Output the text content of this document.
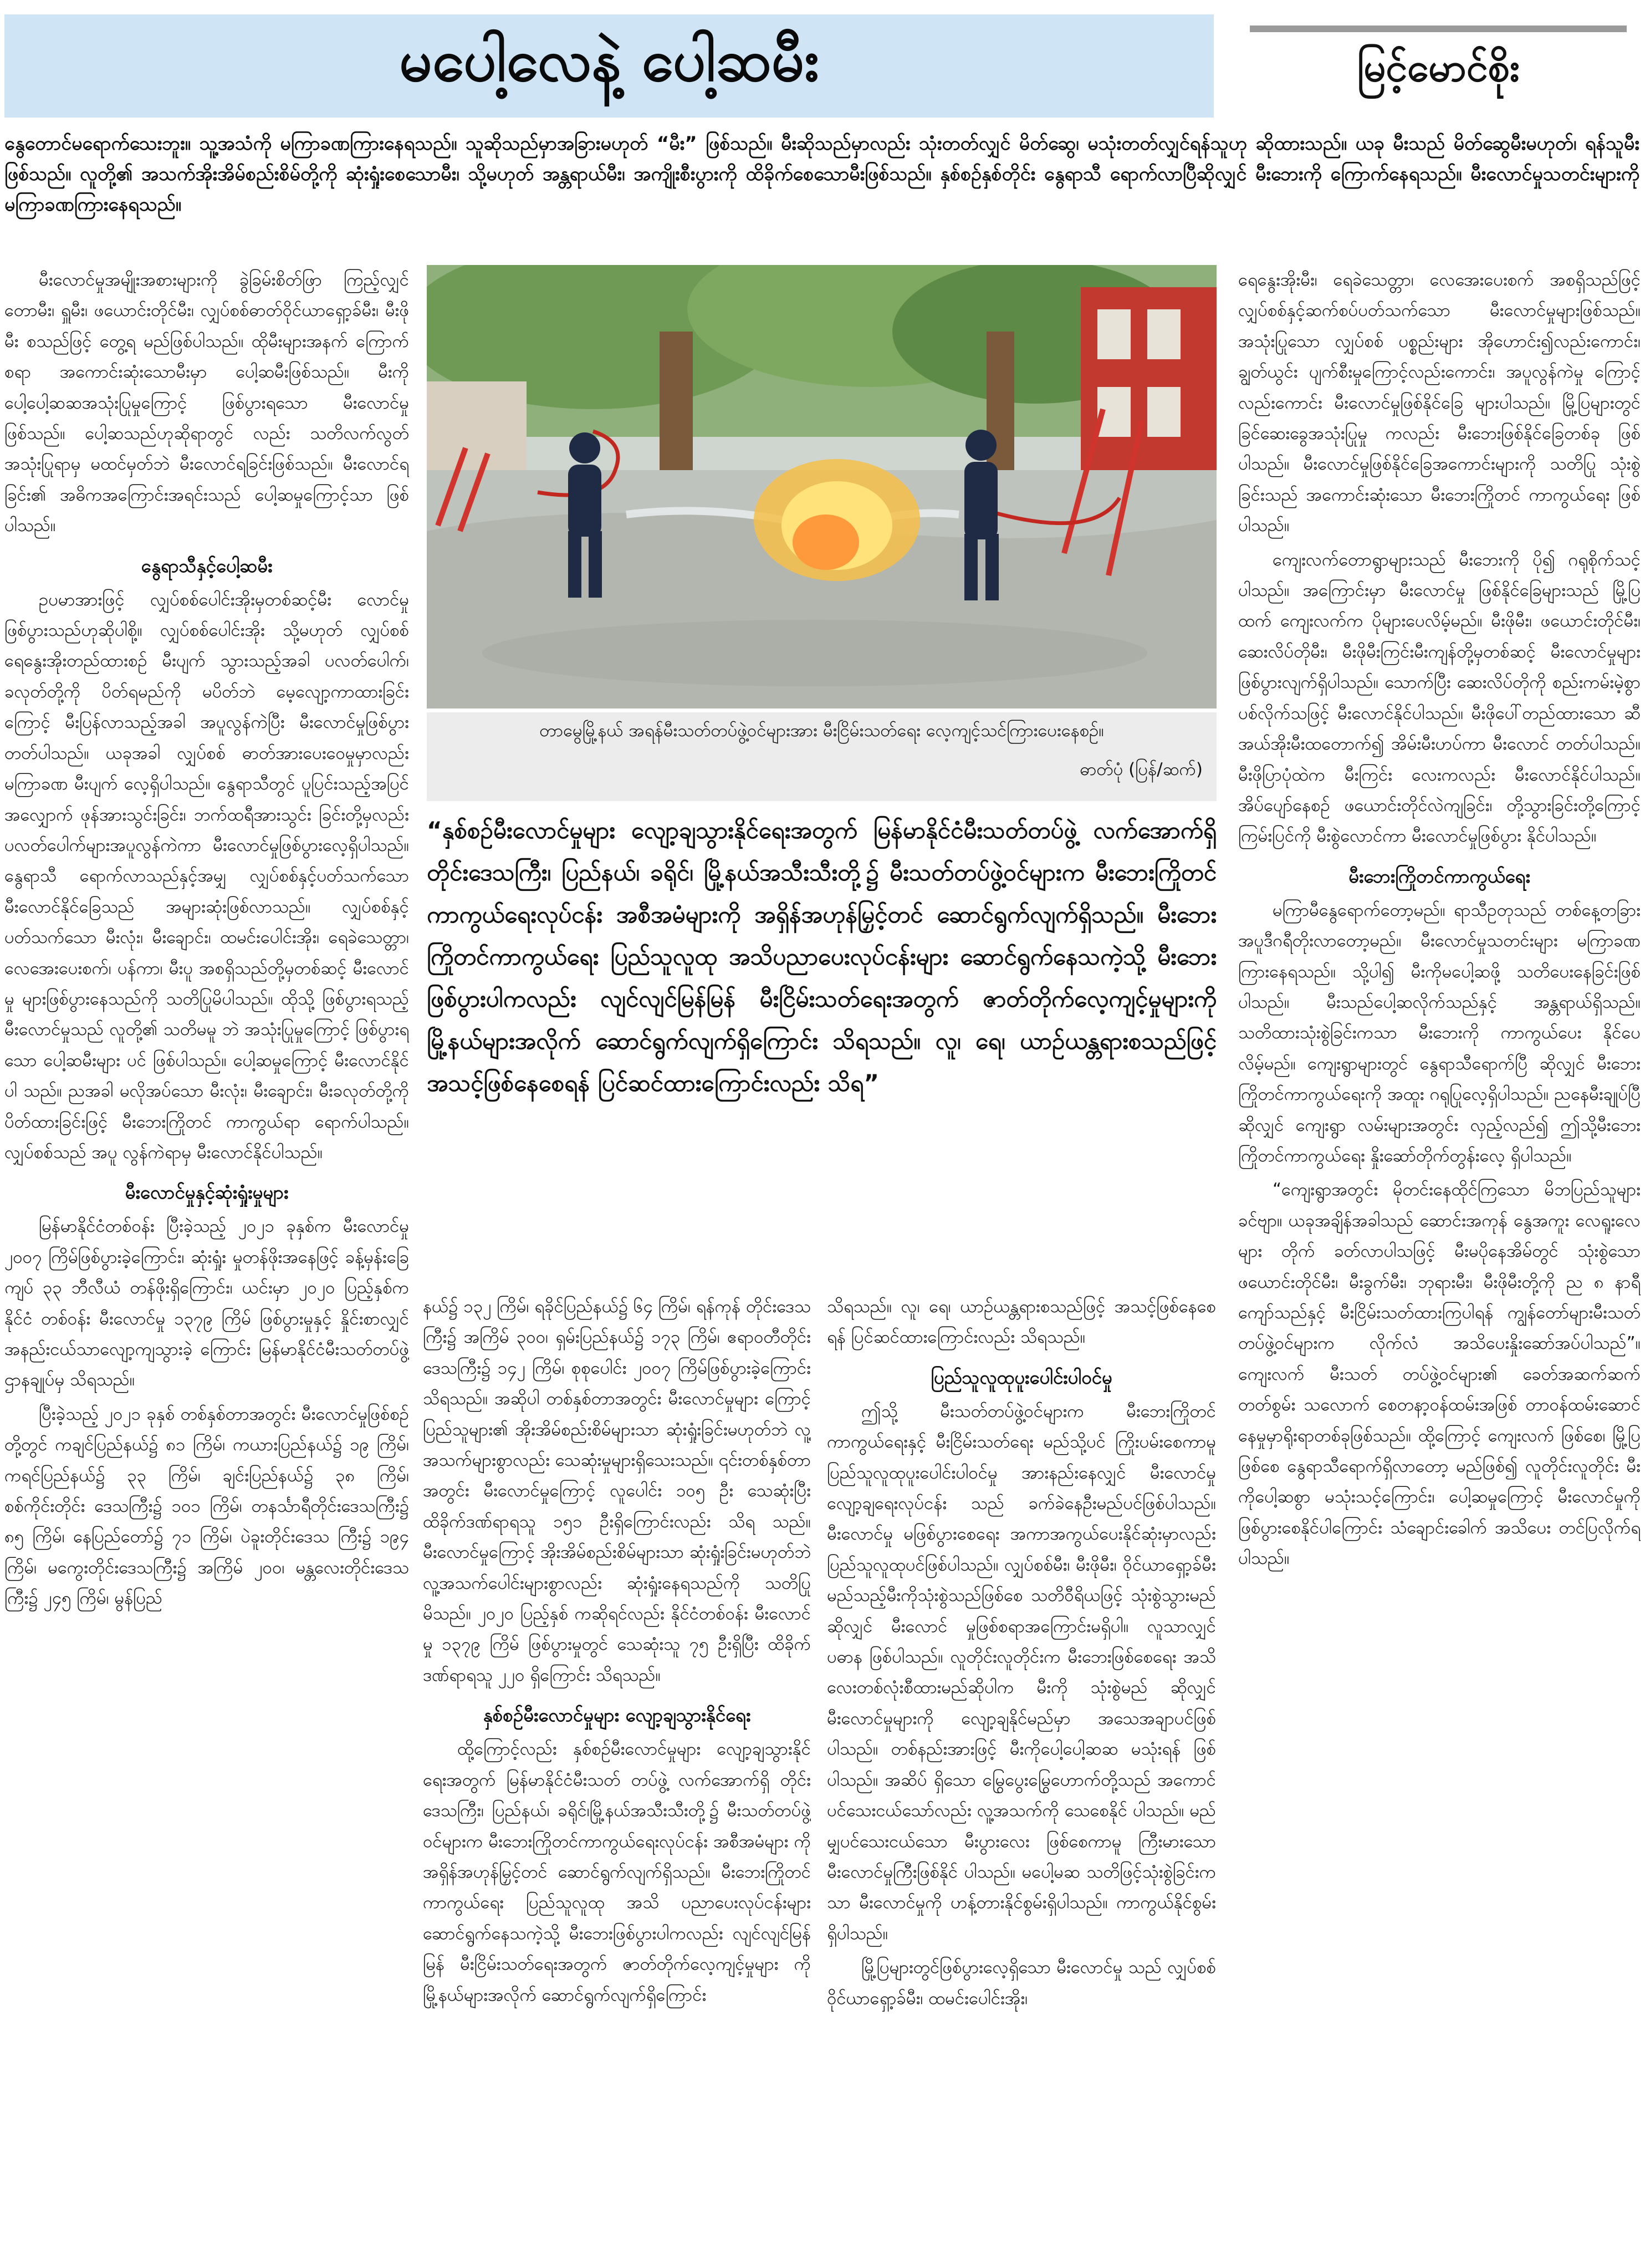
မပေါ့လေနဲ့ ပေါ့ဆမီး	မြင့်မောင်စိုး
နွေတောင်မရောက်သေးဘူး။ သူ့အသံကို မကြာခဏကြားနေရသည်။ သူဆိုသည်မှာအခြားမဟုတ် “မီး” ဖြစ်သည်။ မီးဆိုသည်မှာလည်း သုံးတတ်လျှင် မိတ်ဆွေ၊ မသုံးတတ်လျှင်ရန်သူဟု ဆိုထားသည်။ ယခု မီးသည် မိတ်ဆွေမီးမဟုတ်၊ ရန်သူမီးဖြစ်သည်။ လူတို့၏ အသက်အိုးအိမ်စည်းစိမ်တို့ကို ဆုံးရှုံးစေသောမီး၊ သို့မဟုတ် အန္တရာယ်မီး၊ အကျိုးစီးပွားကို ထိခိုက်စေသောမီးဖြစ်သည်။ နှစ်စဉ်နှစ်တိုင်း နွေရာသီ ရောက်လာပြီဆိုလျှင် မီးဘေးကို ကြောက်နေရသည်။ မီးလောင်မှုသတင်းများကို မကြာခဏကြားနေရသည်။

မီးလောင်မှုအမျိုးအစားများကို ခွဲခြမ်းစိတ်ဖြာ ကြည့်လျှင် တောမီး၊ ရှူမီး၊ ဖယောင်းတိုင်မီး၊ လျှပ်စစ်ဓာတ်ဝိုင်ယာရှော့ခ်မီး၊ မီးဖိုမီး စသည်ဖြင့် တွေ့ရ မည်ဖြစ်ပါသည်။ ထိုမီးများအနက် ကြောက်စရာ အကောင်းဆုံးသောမီးမှာ ပေါ့ဆမီးဖြစ်သည်။ မီးကို ပေါ့ပေါ့ဆဆအသုံးပြုမှုကြောင့် ဖြစ်ပွားရသော မီးလောင်မှုဖြစ်သည်။ ပေါ့ဆသည်ဟုဆိုရာတွင် လည်း သတိလက်လွတ်အသုံးပြုရာမှ မထင်မှတ်ဘဲ မီးလောင်ရခြင်းဖြစ်သည်။ မီးလောင်ရခြင်း၏ အဓိကအကြောင်းအရင်းသည် ပေါ့ဆမှုကြောင့်သာ ဖြစ်ပါသည်။

နွေရာသီနှင့်ပေါ့ဆမီး

ဥပမာအားဖြင့် လျှပ်စစ်ပေါင်းအိုးမှတစ်ဆင့်မီး လောင်မှုဖြစ်ပွားသည်ဟုဆိုပါစို့။ လျှပ်စစ်ပေါင်းအိုး သို့မဟုတ် လျှပ်စစ်ရေနွေးအိုးတည်ထားစဉ် မီးပျက် သွားသည့်အခါ ပလတ်ပေါက်၊ ခလုတ်တို့ကို ပိတ်ရမည်ကို မပိတ်ဘဲ မေ့လျော့ကာထားခြင်း ကြောင့် မီးပြန်လာသည့်အခါ အပူလွန်ကဲပြီး မီးလောင်မှုဖြစ်ပွားတတ်ပါသည်။ ယခုအခါ လျှပ်စစ် ဓာတ်အားပေးဝေမှုမှာလည်း မကြာခဏ မီးပျက် လေ့ရှိပါသည်။ နွေရာသီတွင် ပူပြင်းသည့်အပြင် အလျှောက် ဖုန်အားသွင်းခြင်း၊ ဘက်ထရီအားသွင်း ခြင်းတို့မှလည်း ပလတ်ပေါက်များအပူလွန်ကဲကာ မီးလောင်မှုဖြစ်ပွားလေ့ရှိပါသည်။ နွေရာသီ ရောက်လာသည်နှင့်အမျှ လျှပ်စစ်နှင့်ပတ်သက်သော မီးလောင်နိုင်ခြေသည် အများဆုံးဖြစ်လာသည်။ လျှပ်စစ်နှင့်ပတ်သက်သော မီးလုံး၊ မီးချောင်း၊ ထမင်းပေါင်းအိုး၊ ရေခဲသေတ္တာ၊ လေအေးပေးစက်၊ ပန်ကာ၊ မီးပူ အစရှိသည်တို့မှတစ်ဆင့် မီးလောင်မှု များဖြစ်ပွားနေသည်ကို သတိပြုမိပါသည်။ ထိုသို့ ဖြစ်ပွားရသည့် မီးလောင်မှုသည် လူတို့၏ သတိမမူ ဘဲ အသုံးပြုမှုကြောင့် ဖြစ်ပွားရသော ပေါ့ဆမီးများ ပင် ဖြစ်ပါသည်။ ပေါ့ဆမှုကြောင့် မီးလောင်နိုင်ပါ သည်။ ညအခါ မလိုအပ်သော မီးလုံး၊ မီးချောင်း၊ မီးခလုတ်တို့ကို ပိတ်ထားခြင်းဖြင့် မီးဘေးကြိုတင် ကာကွယ်ရာ ရောက်ပါသည်။ လျှပ်စစ်သည် အပူ လွန်ကဲရာမှ မီးလောင်နိုင်ပါသည်။

မီးလောင်မှုနှင့်ဆုံးရှုံးမှုများ

မြန်မာနိုင်ငံတစ်ဝန်း ပြီးခဲ့သည့် ၂၀၂၁ ခုနှစ်က မီးလောင်မှု ၂၀၀၇ ကြိမ်ဖြစ်ပွားခဲ့ကြောင်း၊ ဆုံးရှုံး မှုတန်ဖိုးအနေဖြင့် ခန့်မှန်းခြေကျပ် ၃၃ ဘီလီယံ တန်ဖိုးရှိကြောင်း၊ ယင်းမှာ ၂၀၂၀ ပြည့်နှစ်က နိုင်ငံ တစ်ဝန်း မီးလောင်မှု ၁၃၇၉ ကြိမ် ဖြစ်ပွားမှုနှင့် နှိုင်းစာလျှင် အနည်းငယ်သာလျော့ကျသွားခဲ့ ကြောင်း မြန်မာနိုင်ငံမီးသတ်တပ်ဖွဲ့ဌာနချုပ်မှ သိရသည်။

ပြီးခဲ့သည့် ၂၀၂၁ ခုနှစ် တစ်နှစ်တာအတွင်း မီးလောင်မှုဖြစ်စဉ်တို့တွင် ကချင်ပြည်နယ်၌ ၈၁ ကြိမ်၊ ကယားပြည်နယ်၌ ၁၉ ကြိမ်၊ ကရင်ပြည်နယ်၌ ၃၃ ကြိမ်၊ ချင်းပြည်နယ်၌ ၃၈ ကြိမ်၊ စစ်ကိုင်းတိုင်း ဒေသကြီး၌ ၁၀၁ ကြိမ်၊ တနင်္သာရီတိုင်းဒေသကြီး၌ ၈၅ ကြိမ်၊ နေပြည်တော်၌ ၇၁ ကြိမ်၊ ပဲခူးတိုင်းဒေသ ကြီး၌ ၁၉၄ ကြိမ်၊ မကွေးတိုင်းဒေသကြီး၌ အကြိမ် ၂၀၀၊ မန္တလေးတိုင်းဒေသကြီး၌ ၂၄၅ ကြိမ်၊ မွန်ပြည်

တာမွေမြို့နယ် အရန်မီးသတ်တပ်ဖွဲ့ဝင်များအား မီးငြိမ်းသတ်ရေး လေ့ကျင့်သင်ကြားပေးနေစဉ်။
ဓာတ်ပုံ (ပြန်/ဆက်)
“နှစ်စဉ်မီးလောင်မှုများ လျော့ချသွားနိုင်ရေးအတွက် မြန်မာနိုင်ငံမီးသတ်တပ်ဖွဲ့ လက်အောက်ရှိ တိုင်းဒေသကြီး၊ ပြည်နယ်၊ ခရိုင်၊ မြို့နယ်အသီးသီးတို့၌ မီးသတ်တပ်ဖွဲ့ဝင်များက မီးဘေးကြိုတင် ကာကွယ်ရေးလုပ်ငန်း အစီအမံများကို အရှိန်အဟုန်မြှင့်တင် ဆောင်ရွက်လျက်ရှိသည်။ မီးဘေး ကြိုတင်ကာကွယ်ရေး ပြည်သူလူထု အသိပညာပေးလုပ်ငန်းများ ဆောင်ရွက်နေသကဲ့သို့ မီးဘေး ဖြစ်ပွားပါကလည်း လျင်လျင်မြန်မြန် မီးငြိမ်းသတ်ရေးအတွက် ဇာတ်တိုက်လေ့ကျင့်မှုများကို မြို့နယ်များအလိုက် ဆောင်ရွက်လျက်ရှိကြောင်း သိရသည်။ လူ၊ ရေ၊ ယာဉ်ယန္တရားစသည်ဖြင့် အသင့်ဖြစ်နေစေရန် ပြင်ဆင်ထားကြောင်းလည်း သိရ”

နယ်၌ ၁၃၂ ကြိမ်၊ ရခိုင်ပြည်နယ်၌ ၆၄ ကြိမ်၊ ရန်ကုန် တိုင်းဒေသကြီး၌ အကြိမ် ၃၀၀၊ ရှမ်းပြည်နယ်၌ ၁၇၃ ကြိမ်၊ ဧရာဝတီတိုင်းဒေသကြီး၌ ၁၄၂ ကြိမ်၊ စုစုပေါင်း ၂၀၀၇ ကြိမ်ဖြစ်ပွားခဲ့ကြောင်း သိရသည်။ အဆိုပါ တစ်နှစ်တာအတွင်း မီးလောင်မှုများ ကြောင့် ပြည်သူများ၏ အိုးအိမ်စည်းစိမ်များသာ ဆုံးရှုံးခြင်းမဟုတ်ဘဲ လူ့အသက်များစွာလည်း သေဆုံးမှုများရှိသေးသည်။ ၎င်းတစ်နှစ်တာအတွင်း မီးလောင်မှုကြောင့် လူပေါင်း ၁၀၅ ဦး သေဆုံးပြီး ထိခိုက်ဒဏ်ရာရသူ ၁၅၁ ဦးရှိကြောင်းလည်း သိရ သည်။ မီးလောင်မှုကြောင့် အိုးအိမ်စည်းစိမ်များသာ ဆုံးရှုံးခြင်းမဟုတ်ဘဲ လူ့အသက်ပေါင်းများစွာလည်း ဆုံးရှုံးနေရသည်ကို သတိပြုမိသည်။ ၂၀၂၀ ပြည့်နှစ် ကဆိုရင်လည်း နိုင်ငံတစ်ဝန်း မီးလောင်မှု ၁၃၇၉ ကြိမ် ဖြစ်ပွားမှုတွင် သေဆုံးသူ ၇၅ ဦးရှိပြီး ထိခိုက် ဒဏ်ရာရသူ ၂၂၀ ရှိကြောင်း သိရသည်။

နှစ်စဉ်မီးလောင်မှုများ လျော့ချသွားနိုင်ရေး

ထို့ကြောင့်လည်း နှစ်စဉ်မီးလောင်မှုများ လျော့ချသွားနိုင်ရေးအတွက် မြန်မာနိုင်ငံမီးသတ် တပ်ဖွဲ့ လက်အောက်ရှိ တိုင်းဒေသကြီး၊ ပြည်နယ်၊ ခရိုင်၊မြို့နယ်အသီးသီးတို့၌ မီးသတ်တပ်ဖွဲ့ဝင်များက မီးဘေးကြိုတင်ကာကွယ်ရေးလုပ်ငန်း အစီအမံများ ကို အရှိန်အဟုန်မြှင့်တင် ဆောင်ရွက်လျက်ရှိသည်။ မီးဘေးကြိုတင်ကာကွယ်ရေး ပြည်သူလူထု အသိ ပညာပေးလုပ်ငန်းများ ဆောင်ရွက်နေသကဲ့သို့ မီးဘေးဖြစ်ပွားပါကလည်း လျင်လျင်မြန်မြန် မီးငြိမ်းသတ်ရေးအတွက် ဇာတ်တိုက်လေ့ကျင့်မှုများ ကို မြို့နယ်များအလိုက် ဆောင်ရွက်လျက်ရှိကြောင်း

သိရသည်။ လူ၊ ရေ၊ ယာဉ်ယန္တရားစသည်ဖြင့် အသင့်ဖြစ်နေစေရန် ပြင်ဆင်ထားကြောင်းလည်း သိရသည်။

ပြည်သူလူထုပူးပေါင်းပါဝင်မှု

ဤသို့ မီးသတ်တပ်ဖွဲ့ဝင်များက မီးဘေးကြိုတင် ကာကွယ်ရေးနှင့် မီးငြိမ်းသတ်ရေး မည်သို့ပင် ကြိုးပမ်းစေကာမူ ပြည်သူလူထုပူးပေါင်းပါဝင်မှု အားနည်းနေလျှင် မီးလောင်မှု လျော့ချရေးလုပ်ငန်း သည် ခက်ခဲနေဦးမည်ပင်ဖြစ်ပါသည်။ မီးလောင်မှု မဖြစ်ပွားစေရေး အကာအကွယ်ပေးနိုင်ဆုံးမှာလည်း ပြည်သူလူထုပင်ဖြစ်ပါသည်။ လျှပ်စစ်မီး၊ မီးဖိုမီး၊ ဝိုင်ယာရှော့ခ်မီး မည်သည့်မီးကိုသုံးစွဲသည်ဖြစ်စေ သတိဝီရိယဖြင့် သုံးစွဲသွားမည်ဆိုလျှင် မီးလောင် မှုဖြစ်စရာအကြောင်းမရှိပါ။ လူသာလျှင် ပဓာန ဖြစ်ပါသည်။ လူတိုင်းလူတိုင်းက မီးဘေးဖြစ်စေရေး အသိလေးတစ်လုံးစီထားမည်ဆိုပါက မီးကို သုံးစွဲမည် ဆိုလျှင် မီးလောင်မှုများကို လျော့ချနိုင်မည်မှာ အသေအချာပင်ဖြစ်ပါသည်။ တစ်နည်းအားဖြင့် မီးကိုပေါ့ပေါ့ဆဆ မသုံးရန် ဖြစ်ပါသည်။ အဆိပ် ရှိသော မြွေပွေးမြွေဟောက်တို့သည် အကောင် ပင်သေးငယ်သော်လည်း လူ့အသက်ကို သေစေနိုင် ပါသည်။ မည်မျှပင်သေးငယ်သော မီးပွားလေး ဖြစ်စေကာမူ ကြီးမားသော မီးလောင်မှုကြီးဖြစ်နိုင် ပါသည်။ မပေါ့မဆ သတိဖြင့်သုံးစွဲခြင်းကသာ မီးလောင်မှုကို ဟန့်တားနိုင်စွမ်းရှိပါသည်။ ကာကွယ်နိုင်စွမ်းရှိပါသည်။

မြို့ပြများတွင်ဖြစ်ပွားလေ့ရှိသော မီးလောင်မှု သည် လျှပ်စစ်ဝိုင်ယာရှော့ခ်မီး၊ ထမင်းပေါင်းအိုး၊

ရေနွေးအိုးမီး၊ ရေခဲသေတ္တာ၊ လေအေးပေးစက် အစရှိသည်ဖြင့် လျှပ်စစ်နှင့်ဆက်စပ်ပတ်သက်သော မီးလောင်မှုများဖြစ်သည်။ အသုံးပြုသော လျှပ်စစ် ပစ္စည်းများ အိုဟောင်း၍လည်းကောင်း၊ ချွတ်ယွင်း ပျက်စီးမှုကြောင့်လည်းကောင်း၊ အပူလွန်ကဲမှု ကြောင့်လည်းကောင်း မီးလောင်မှုဖြစ်နိုင်ခြေ များပါသည်။ မြို့ပြများတွင် ခြင်ဆေးခွေအသုံးပြုမှု ကလည်း မီးဘေးဖြစ်နိုင်ခြေတစ်ခု ဖြစ်ပါသည်။ မီးလောင်မှုဖြစ်နိုင်ခြေအကောင်းများကို သတိပြု သုံးစွဲခြင်းသည် အကောင်းဆုံးသော မီးဘေးကြိုတင် ကာကွယ်ရေး ဖြစ်ပါသည်။

ကျေးလက်တောရွာများသည် မီးဘေးကို ပို၍ ဂရုစိုက်သင့်ပါသည်။ အကြောင်းမှာ မီးလောင်မှု ဖြစ်နိုင်ခြေများသည် မြို့ပြထက် ကျေးလက်က ပိုများပေလိမ့်မည်။ မီးဖိုမီး၊ ဖယောင်းတိုင်မီး၊ ဆေးလိပ်တိုမီး၊ မီးဖိုမီးကြင်းမီးကျန်တို့မှတစ်ဆင့် မီးလောင်မှုများ ဖြစ်ပွားလျက်ရှိပါသည်။ သောက်ပြီး ဆေးလိပ်တိုကို စည်းကမ်းမဲ့စွာ ပစ်လိုက်သဖြင့် မီးလောင်နိုင်ပါသည်။ မီးဖိုပေါ်တည်ထားသော ဆီအယ်အိုးမီးထတောက်၍ အိမ်းမီးဟပ်ကာ မီးလောင် တတ်ပါသည်။ မီးဖိုပြာပုံထဲက မီးကြင်း လေးကလည်း မီးလောင်နိုင်ပါသည်။ အိပ်ပျော်နေစဉ် ဖယောင်းတိုင်လဲကျခြင်း၊ တို့သွားခြင်းတို့ကြောင့် ကြမ်းပြင်ကို မီးစွဲလောင်ကာ မီးလောင်မှုဖြစ်ပွား နိုင်ပါသည်။

မီးဘေးကြိုတင်ကာကွယ်ရေး

မကြာမီနွေရောက်တော့မည်။ ရာသီဥတုသည် တစ်နေ့တခြား အပူဒီဂရီတိုးလာတော့မည်။ မီးလောင်မှုသတင်းများ မကြာခဏကြားနေရသည်။ သို့ပါ၍ မီးကိုမပေါ့ဆဖို့ သတိပေးနေခြင်းဖြစ်ပါသည်။ မီးသည်ပေါ့ဆလိုက်သည်နှင့် အန္တရာယ်ရှိသည်။ သတိထားသုံးစွဲခြင်းကသာ မီးဘေးကို ကာကွယ်ပေး နိုင်ပေလိမ့်မည်။ ကျေးရွာများတွင် နွေရာသီရောက်ပြီ ဆိုလျှင် မီးဘေးကြိုတင်ကာကွယ်ရေးကို အထူး ဂရုပြုလေ့ရှိပါသည်။ ညနေမီးချုပ်ပြီဆိုလျှင် ကျေးရွာ လမ်းများအတွင်း လှည့်လည်၍ ဤသို့မီးဘေး ကြိုတင်ကာကွယ်ရေး နှိုးဆော်တိုက်တွန်းလေ့ ရှိပါသည်။

“ကျေးရွာအတွင်း မိုတင်းနေထိုင်ကြသော မိဘပြည်သူများခင်ဗျာ။ ယခုအချိန်အခါသည် ဆောင်းအကုန် နွေအကူး လေရူးလေများ တိုက် ခတ်လာပါသဖြင့် မီးမပိုနေအိမ်တွင် သုံးစွဲသော ဖယောင်းတိုင်မီး၊ မီးခွက်မီး၊ ဘုရားမီး၊ မီးဖိုမီးတို့ကို ည ၈ နာရီကျော်သည်နှင့် မီးငြိမ်းသတ်ထားကြပါရန် ကျွန်တော်များမီးသတ်တပ်ဖွဲ့ဝင်များက လိုက်လံ အသိပေးနှိုးဆော်အပ်ပါသည်”။ ကျေးလက် မီးသတ် တပ်ဖွဲ့ဝင်များ၏ ခေတ်အဆက်ဆက် တတ်စွမ်း သလောက် စေတနာ့ဝန်ထမ်းအဖြစ် တာဝန်ထမ်းဆောင် နေမှုမှာရိုးရာတစ်ခုဖြစ်သည်။ ထို့ကြောင့် ကျေးလက် ဖြစ်စေ၊ မြို့ပြဖြစ်စေ နွေရာသီရောက်ရှိလာတော့ မည်ဖြစ်၍ လူတိုင်းလူတိုင်း မီးကိုပေါ့ဆစွာ မသုံးသင့်ကြောင်း၊ ပေါ့ဆမှုကြောင့် မီးလောင်မှုကို ဖြစ်ပွားစေနိုင်ပါကြောင်း သံချောင်းခေါက် အသိပေး တင်ပြလိုက်ရပါသည်။
